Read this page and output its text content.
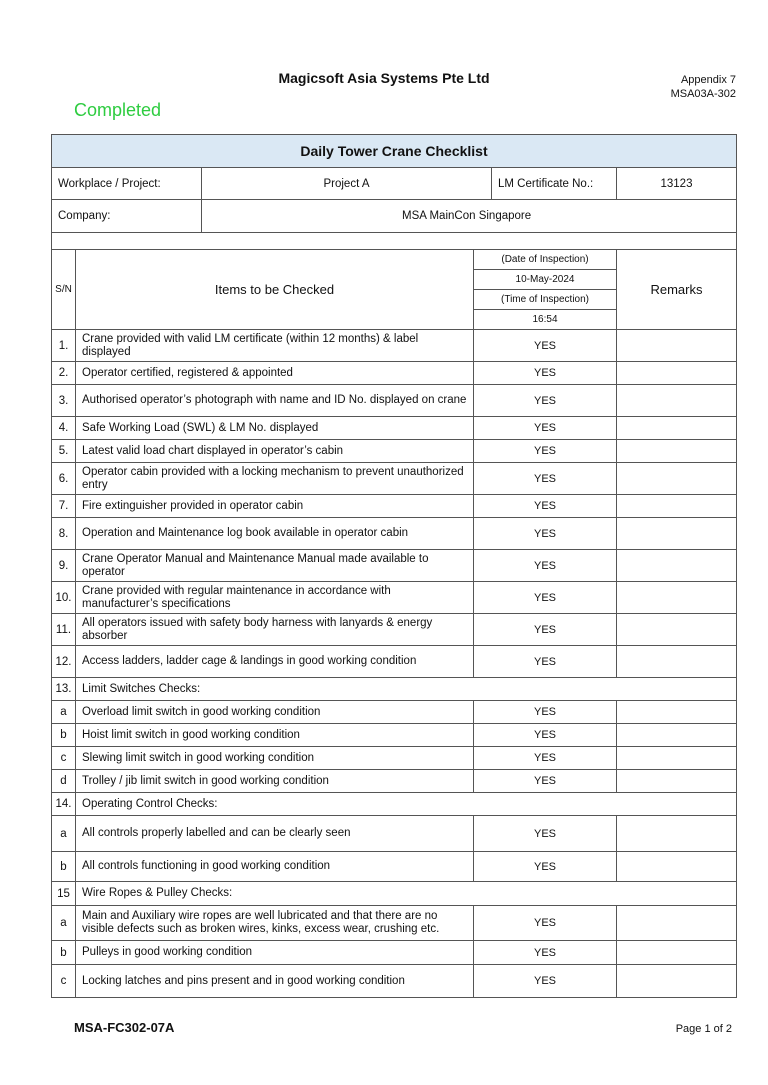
Magicsoft Asia Systems Pte Ltd	Appendix 7
MSA03A-302
Completed
Daily Tower Crane Checklist			
Workplace / Project:	Project A	LM Certificate No.:	13123
Company:	MSA MainCon Singapore		

S/N	Items to be Checked	(Date of Inspection)	Remarks
		10-May-2024	
		(Time of Inspection)	
		16:54	
1.	Crane provided with valid LM certificate (within 12 months) & label displayed	YES	
2.	Operator certified, registered & appointed	YES	
3.	Authorised operator’s photograph with name and ID No. displayed on crane	YES	
4.	Safe Working Load (SWL) & LM No. displayed	YES	
5.	Latest valid load chart displayed in operator’s cabin	YES	
6.	Operator cabin provided with a locking mechanism to prevent unauthorized entry	YES	
7.	Fire extinguisher provided in operator cabin	YES	
8.	Operation and Maintenance log book available in operator cabin	YES	
9.	Crane Operator Manual and Maintenance Manual made available to operator	YES	
10.	Crane provided with regular maintenance in accordance with manufacturer’s specifications	YES	
11.	All operators issued with safety body harness with lanyards & energy absorber	YES	
12.	Access ladders, ladder cage & landings in good working condition	YES	
13.	Limit Switches Checks:		
a	Overload limit switch in good working condition	YES	
b	Hoist limit switch in good working condition	YES	
c	Slewing limit switch in good working condition	YES	
d	Trolley / jib limit switch in good working condition	YES	
14.	Operating Control Checks:		
a	All controls properly labelled and can be clearly seen	YES	
b	All controls functioning in good working condition	YES	
15	Wire Ropes & Pulley Checks:		
a	Main and Auxiliary wire ropes are well lubricated and that there are no visible defects such as broken wires, kinks, excess wear, crushing etc.	YES	
b	Pulleys in good working condition	YES	
c	Locking latches and pins present and in good working condition	YES	
MSA-FC302-07A	Page 1 of 2
